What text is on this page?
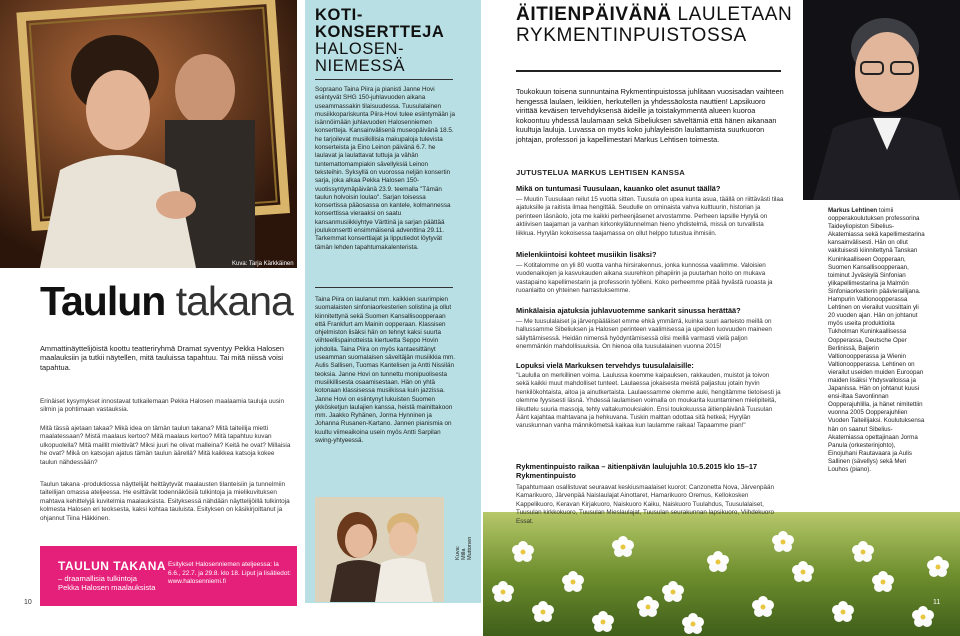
Kuva: Tarja Kärkkäinen
Taulun takana
Ammattinäyttelijöistä koottu teatteriryhmä Dramat syventyy Pekka Halosen maalauksiin ja tutkii näytellen, mitä tauluissa tapahtuu. Tai mitä niissä voisi tapahtua.
Erinäiset kysymykset innostavat tutkailemaan Pekka Halosen maalaamia tauluja uusin silmin ja pohtimaan vastauksia.
Mitä tässä ajetaan takaa? Mikä idea on tämän taulun takana? Mitä taiteilija mietti maalatessaan? Mistä maalaus kertoo? Mitä maalaus kertoo? Mitä tapahtuu kuvan ulkopuolella? Mitä maillit miettivät? Miksi juuri he olivat malleina? Keitä he ovat? Millaisia he ovat? Mikä on katsojan ajatus tämän taulun äärellä? Mitä kaikkea katsoja kokee taulun nähdessään?
Taulun takana -produktiossa näyttelijät heittäytyvät maalausten tilanteisiin ja tunnelmiin taiteilijan omassa ateljeessa. He esittävät todennäköisiä tulkintoja ja mielikuvituksen mahtava kehittelyjä kuvitelmia maalauksista. Esityksessä nähdään näyttelijöillä tulkintoja kolmesta Halosen eri teoksesta, kaksi kohtaa tauluista. Esityksen on käsikirjoittanut ja ohjannut Tiina Häkkinen.
TAULUN TAKANA
– draamallisia tulkintoja
Pekka Halosen maalauksista
Esitykset Halosenniemen ateljeessa: la 6.6., 22.7. ja 29.8. klo 18. Liput ja lisätiedot: www.halosenniemi.fi
10
KOTI-
KONSERTTEJA
HALOSEN-
NIEMESSÄ
Sopraano Taina Piira ja pianisti Janne Hovi esiintyvät SHG 150-juhlavuoden aikana useammassakin tilaisuudessa. Tuusulalainen musiikkopariskunta Piira-Hovi tulee esiintymään ja isännöimään juhlavuoden Halosenniemen konsertteja. Kansainvälisenä museopäivänä 18.5. he tarjoilevat musiikillisia makupaloja tulevista konserteista ja Eino Leinon päivänä 6.7. he laulavat ja laulattavat tuttuja ja vähän tuntemattomampiakin sävellyksiä Leinon teksteihin. Syksyllä on vuorossa neljän konsertin sarja, joka alkaa Pekka Halosen 150-vuotissyntymäpäivänä 23.9. teemalla "Tämän taulun holvoisin loulao". Sarjan toisessa konsertissa pääosassa on kantele, kolmannessa konserttissa vieraaksi on saatu kansanmusiikkiyhtye Värttinä ja sarjan päättää joulukonsertti ensimmäisenä adventtina 29.11. Tarkemmat konserttiajat ja lipputiedot löytyvät tämän lehden tapahtumakalenterista.
Taina Piira on laulanut mm. kaikkien suurimpien suomalaisten sinfoniaorkesterien solistina ja ollut kiinnitettynä sekä Suomen Kansallisoopperaan että Frankfurt am Mainin oopperaan. Klassisen ohjelmiston lisäksi hän on tehnyt kaksi suurta viihteellispainotteista kiertuetta Seppo Hovin johdolla. Taina Piira on myös kantaesittänyt useamman suomalaisen säveltäjän musiikkia mm. Aulis Sallisen, Tuomas Kantelisen ja Antti Nissilän teoksia. Janne Hovi on tunnettu monipuolisesta musiikillisesta osaamisestaan. Hän on yhtä kotonaan klassisessa musiikissa kuin jazzissa. Janne Hovi on esiintynyt lukuisten Suomen ykkösketjun laulajien kanssa, heistä mainittakoon mm. Jaakko Ryhänen, Jorma Hynninen ja Johanna Rusanen-Kartano. Jannen pianismia on kuultu viimeaikoina usein myös Antti Sarpilan swing-yhtyeessä.
Kuva: Milla Muttonen
ÄITIENPÄIVÄNÄ LAULETAAN
RYKMENTINPUISTOSSA
Toukokuun toisena sunnuntaina Rykmentinpuistossa juhlitaan vuosisadan vaihteen hengessä laulaen, leikkien, herkutellen ja yhdessäolosta nauttien! Lapsikuoro virittää keväisen tervehdyksensä äideille ja toistakymmentä alueen kuoroa kokoontuu yhdessä laulamaan sekä Sibeliuksen säveltämiä että hänen aikanaan kuultuja lauluja. Luvassa on myös koko juhlayleisön laulattamista suurkuoron johtajan, professori ja kapellimestari Markus Lehtisen toimesta.
JUTUSTELUA MARKUS LEHTISEN KANSSA
Mikä on tuntumasi Tuusulaan, kauanko olet asunut täällä?
— Muutin Tuusulaan reilut 15 vuotta sitten. Tuusula on upea kunta asua, täällä on riittävästi tilaa ajatuksille ja raitista ilmaa hengittää. Seudulle on ominaista vahva kulttuurin, historian ja perinteen läsnäolo, jota me kaikki perheenjäsenet arvostamme. Perheen lapsille Hyrylä on aktiivisen taajaman ja vanhan kirkonkylätunnelman hieno yhdistelmä, missä on turvallista liikkua. Hyrylän kokoisessa taajamassa on ollut helppo tutustua ihmisiin.
Mielenkiintoisi kohteet musiikin lisäksi?
— Kotitalomme on yli 80 vuotta vanha hirsirakennus, jonka kunnossa vaalimme. Valoisien vuodenaikojen ja kasvukauden aikana suurehkon pihapiirin ja puutarhan hoito on mukava vastapaino kapellimestarin ja professorin työlleni. Koko perheemme pitää hyvästä ruoasta ja ruoanlaitto on yhteinen harrastuksemme.
Minkälaisia ajatuksia juhlavuotemme sankarit sinussa herättää?
— Me tuusulalaiset ja järvenpääläiset emme ehkä ymmärrä, kuinka suuri aarteisto meillä on hallussamme Sibeliuksen ja Halosen perinteen vaalimisessa ja upeiden luovuuden maineen säilyttämisessä. Heidän nimensä hyödyntämisessä olisi meillä varmasti vielä paljon enemmänkin mahdollisuuksia. On hienoa olla tuusulalainen vuonna 2015!
Lopuksi vielä Markuksen tervehdys tuusulalaisille:
"Laululla on merkillinen voima. Laulussa koemme kaipauksen, rakkauden, muistot ja toivon sekä kaikki muut mahdolliset tunteet. Laulaessa jokaisesta meistä paljastuu jotain hyvin henkilökohtaista, aitoa ja ainutkertaista. Laulaessamme olemme auki, hengitämme tietoisesti ja olemme fyysisesti läsnä. Yhdessä laulamisen voimalla on moukarita kuuntaminen mielipiteitä, liikuttelu suuria massoja, tehty valtakumouksiakin. Ensi toukokuussa äitienpäivänä Tuusulan Äänt kajahtaa mahtavana ja hehkuvana. Tuskin malttan odottaa sitä hetkeä; Hyrylän varuskunnan vanha männikömetsä kaikaa kun laulamme raikaa! Tapaamme pian!"
Rykmentinpuisto raikaa – äitienpäivän laulujuhla 10.5.2015 klo 15–17 Rykmentinpuisto
Tapahtumaan osallistuvat seuraavat keskiusmaalaiset kuorot: Canzonetta Nova, Järvenpään Kamarikuoro, Järvenpää Naislaulajat Ainottaret, Hamarikuoro Oremus, Kellokosken Kappelikuoro, Keravan Kirjakuoro, Naiskuoro Kaiku, Naiskuoro Tuulahdus, Tuusulalaiset, Tuusulan kirkkokuoro, Tuusulan Mieslaulajat, Tuusulan seurakunnan lapsikuoro, Viihdekuoro Essat.
Markus Lehtinen toimii oopperakoulutuksen professorina Taideyliopiston Sibelius-Akatemiassa sekä kapellimestarina kansainvälisesti. Hän on ollut vakituisesti kiinnitettynä Tanskan Kuninkaalliseen Oopperaan, Suomen Kansallisoopperaan, toiminut Jyväskylä Sinfonian ylikapellimestarina ja Malmön Sinfoniaorkesterin päävierailijana. Hampurin Valtionoopperassa Lehtinen on vierailut vuosittain yli 20 vuoden ajan. Hän on johtanut myös useita produktioita Tukholman Kuninkaallisessa Oopperassa, Deutsche Oper Berlinissä, Baijerin Valtionoopperassa ja Wienin Valtionoopperassa. Lehtinen on vierailut useiden muiden Euroopan maiden lisäksi Yhdysvalloissa ja Japanissa. Hän on johtanut kuusi ensi-iltaa Savonlinnan Oopperajuhlilla, ja hänet nimitettiin vuonna 2005 Oopperajuhlien Vuoden Taiteilijaksi. Koulutuksensa hän on saanut Sibelius-Akatemiassa opettajinaan Jorma Panula (orkesterinjohto), Einojuhani Rautavaara ja Aulis Sallinen (sävellys) sekä Meri Louhos (piano).
11
